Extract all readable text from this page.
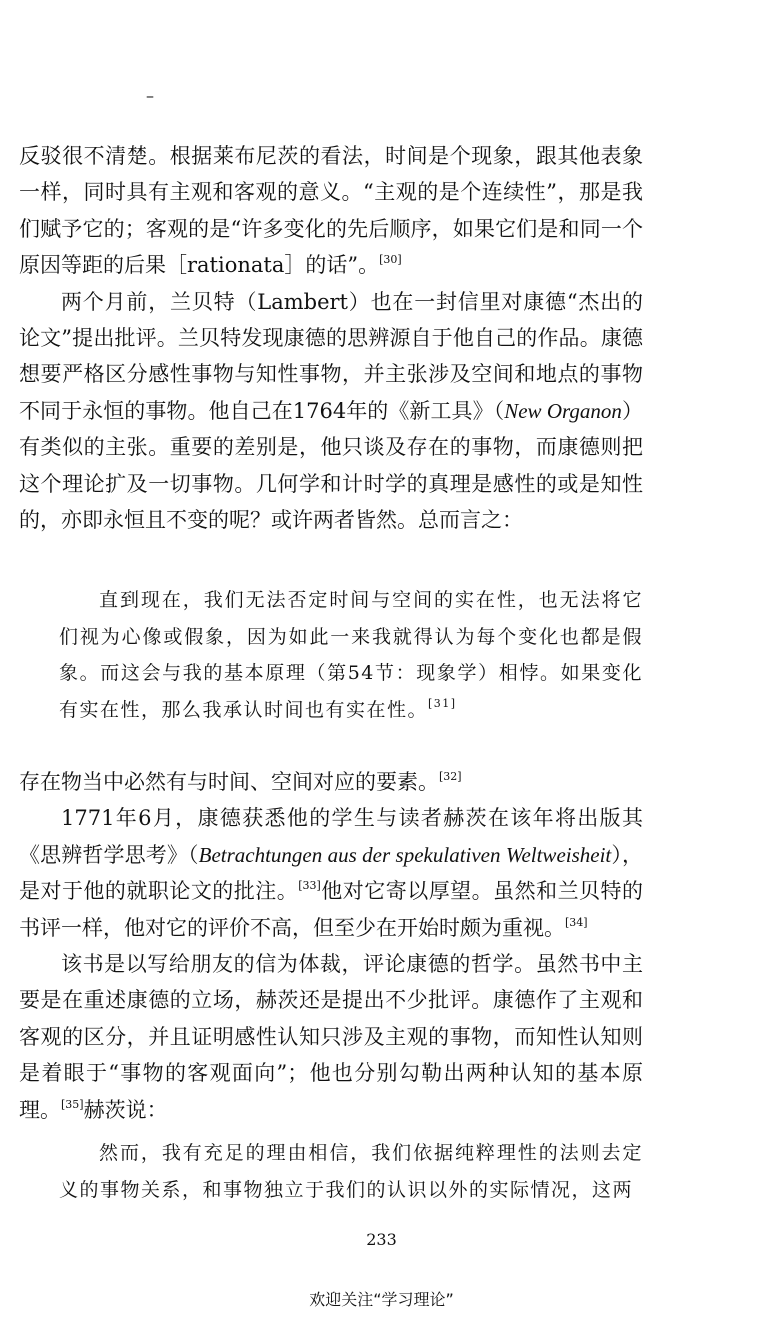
–

反驳很不清楚。根据莱布尼茨的看法，时间是个现象，跟其他表象一样，同时具有主观和客观的意义。“主观的是个连续性”，那是我们赋予它的；客观的是“许多变化的先后顺序，如果它们是和同一个原因等距的后果［rationata］的话”。[30]

两个月前，兰贝特（Lambert）也在一封信里对康德“杰出的论文”提出批评。兰贝特发现康德的思辨源自于他自己的作品。康德想要严格区分感性事物与知性事物，并主张涉及空间和地点的事物不同于永恒的事物。他自己在1764年的《新工具》（New Organon）有类似的主张。重要的差别是，他只谈及存在的事物，而康德则把这个理论扩及一切事物。几何学和计时学的真理是感性的或是知性的，亦即永恒且不变的呢？或许两者皆然。总而言之：

直到现在，我们无法否定时间与空间的实在性，也无法将它们视为心像或假象，因为如此一来我就得认为每个变化也都是假象。而这会与我的基本原理（第54节：现象学）相悖。如果变化有实在性，那么我承认时间也有实在性。[31]

存在物当中必然有与时间、空间对应的要素。[32]

1771年6月，康德获悉他的学生与读者赫茨在该年将出版其《思辨哲学思考》（Betrachtungen aus der spekulativen Weltweisheit），是对于他的就职论文的批注。[33]他对它寄以厚望。虽然和兰贝特的书评一样，他对它的评价不高，但至少在开始时颇为重视。[34]

该书是以写给朋友的信为体裁，评论康德的哲学。虽然书中主要是在重述康德的立场，赫茨还是提出不少批评。康德作了主观和客观的区分，并且证明感性认知只涉及主观的事物，而知性认知则是着眼于“事物的客观面向”；他也分别勾勒出两种认知的基本原理。[35]赫茨说：

然而，我有充足的理由相信，我们依据纯粹理性的法则去定义的事物关系，和事物独立于我们的认识以外的实际情况，这两

233
欢迎关注“学习理论”
